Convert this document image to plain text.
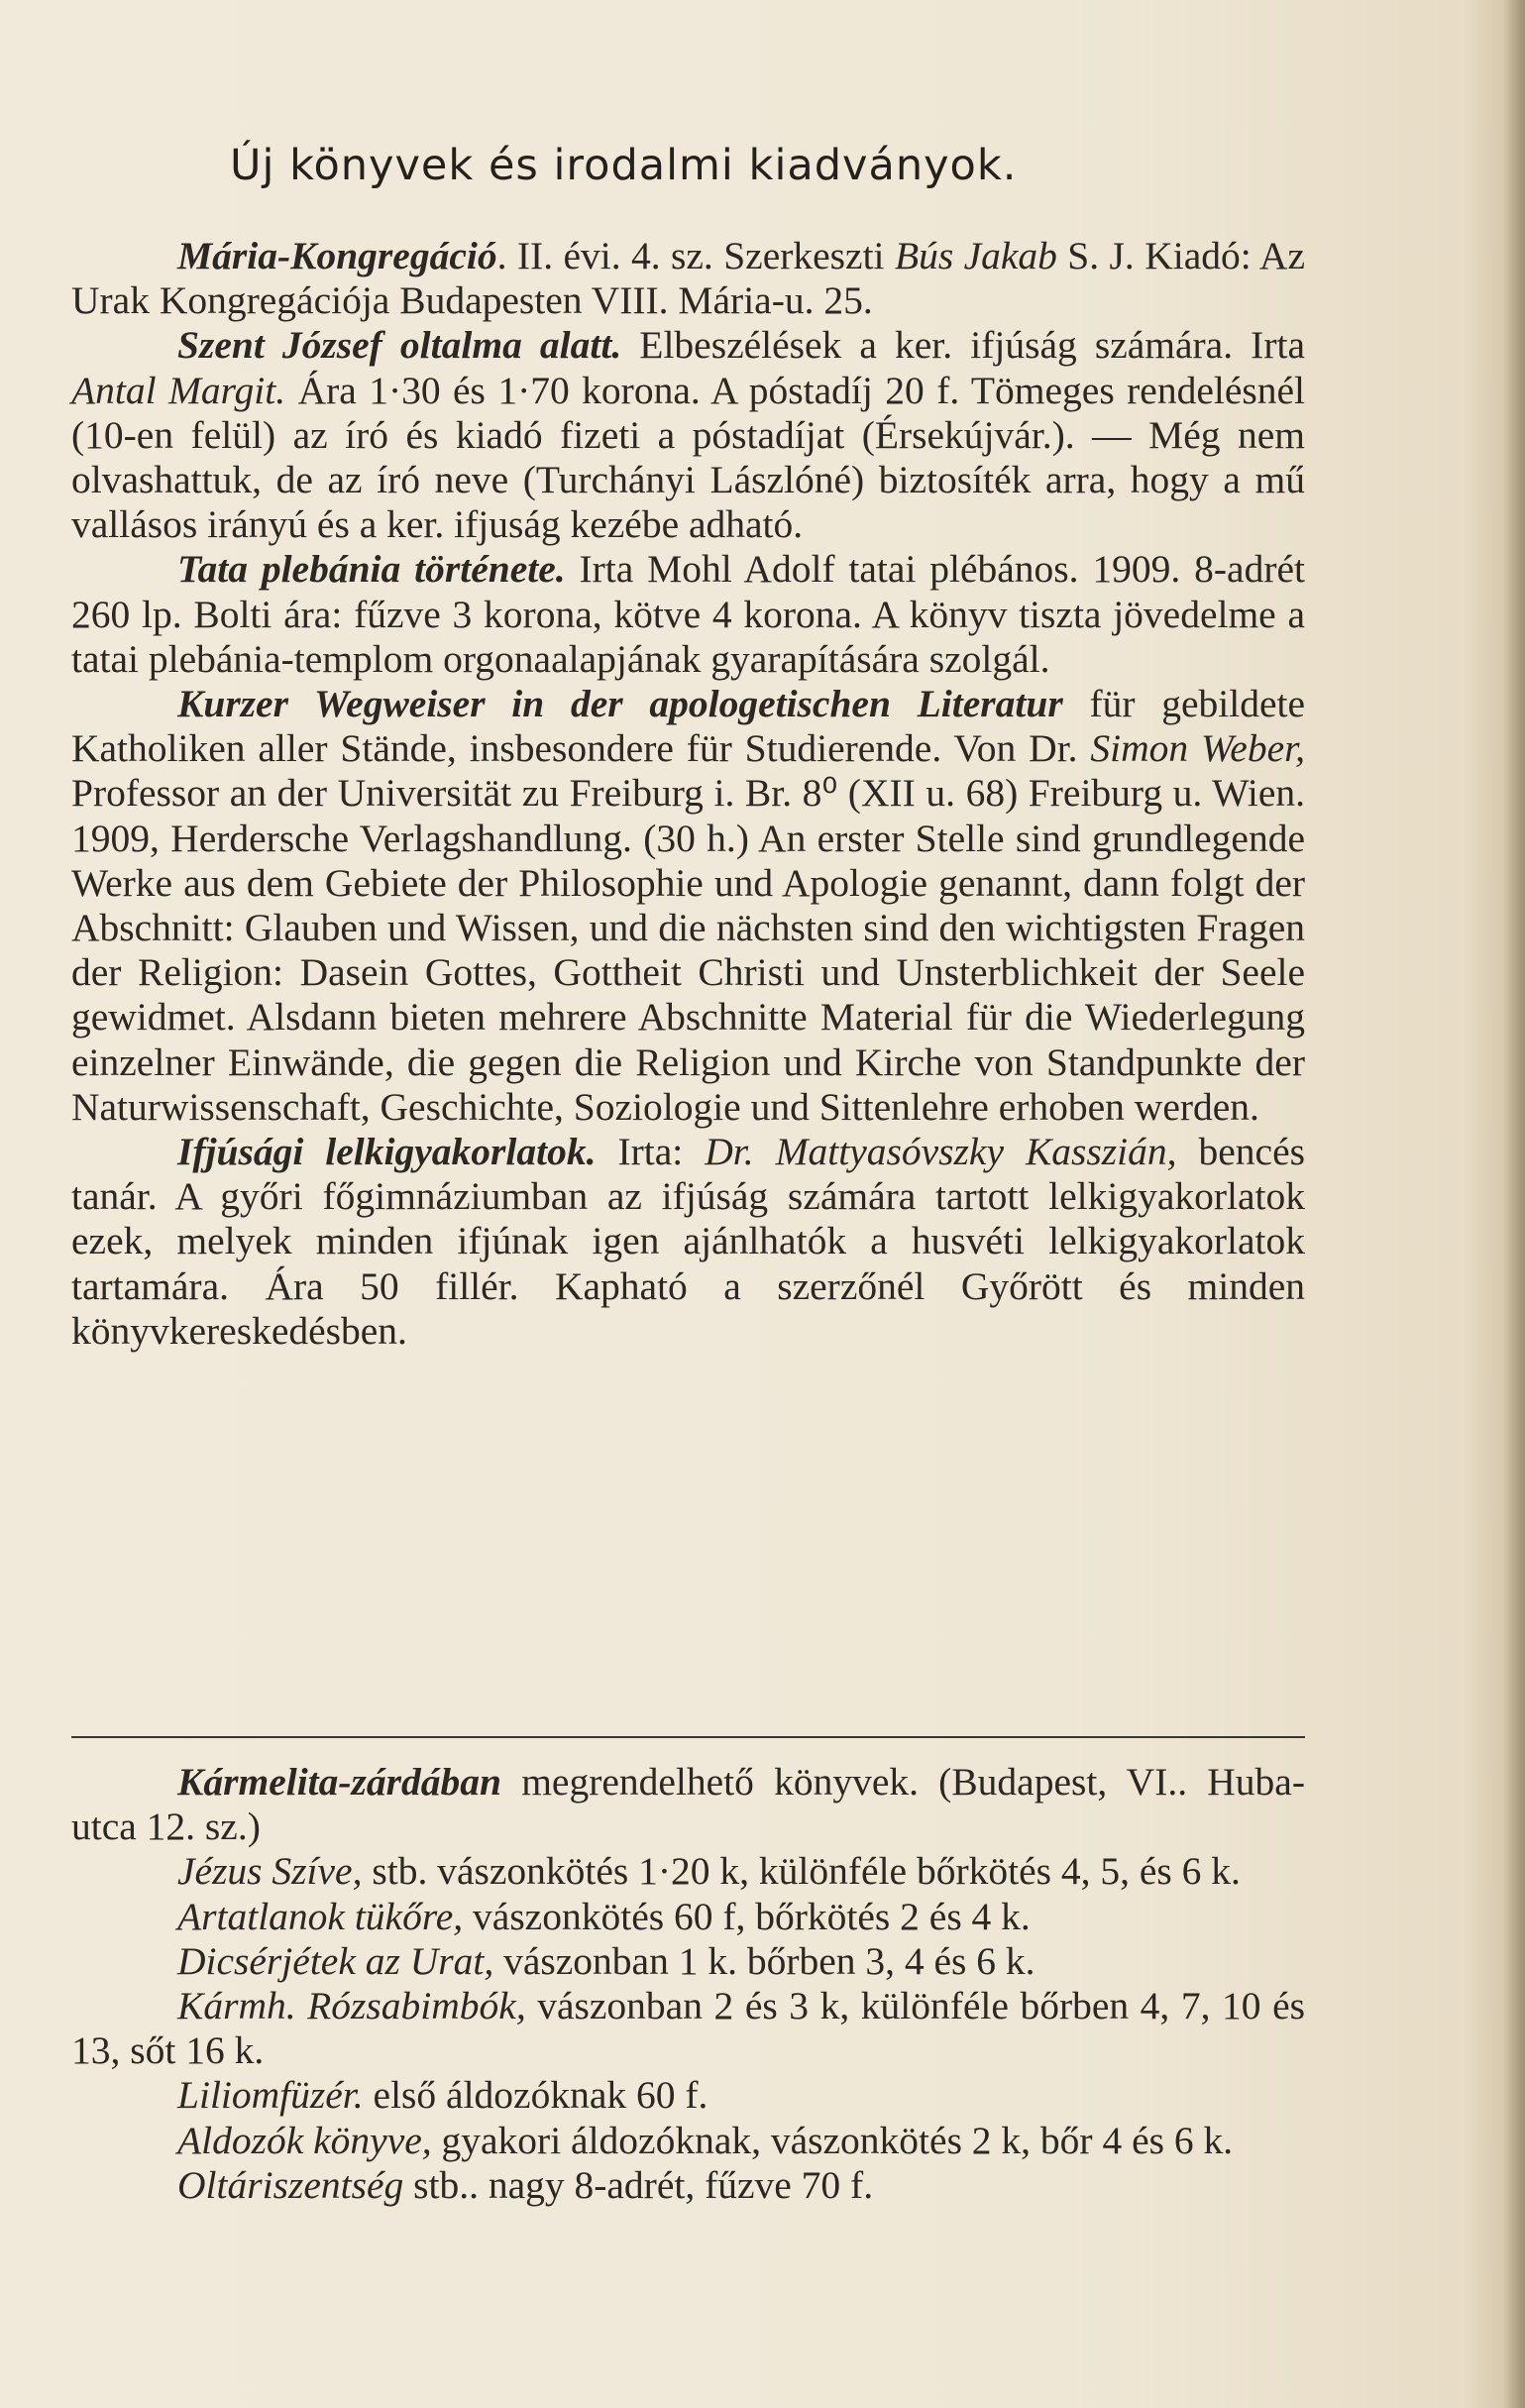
Új könyvek és irodalmi kiadványok.

Mária-Kongregáció. II. évi. 4. sz. Szerkeszti Bús Jakab S. J. Kiadó: Az Urak Kongregációja Budapesten VIII. Mária-u. 25.

Szent József oltalma alatt. Elbeszélések a ker. ifjúság számára. Irta Antal Margit. Ára 1·30 és 1·70 korona. A póstadíj 20 f. Tömeges rendelésnél (10-en felül) az író és kiadó fizeti a póstadíjat (Érsekújvár.). — Még nem olvashattuk, de az író neve (Turchányi Lászlóné) biztosíték arra, hogy a mű vallásos irányú és a ker. ifjuság kezébe adható.

Tata plebánia története. Irta Mohl Adolf tatai plébános. 1909. 8-adrét 260 lp. Bolti ára: fűzve 3 korona, kötve 4 korona. A könyv tiszta jövedelme a tatai plebánia-templom orgonaalapjának gyarapítására szolgál.

Kurzer Wegweiser in der apologetischen Literatur für gebildete Katholiken aller Stände, insbesondere für Studierende. Von Dr. Simon Weber, Professor an der Universität zu Freiburg i. Br. 8⁰ (XII u. 68) Freiburg u. Wien. 1909, Herdersche Verlagshandlung. (30 h.) An erster Stelle sind grundlegende Werke aus dem Gebiete der Philosophie und Apologie genannt, dann folgt der Abschnitt: Glauben und Wissen, und die nächsten sind den wichtigsten Fragen der Religion: Dasein Gottes, Gottheit Christi und Unsterblichkeit der Seele gewidmet. Alsdann bieten mehrere Abschnitte Material für die Wiederlegung einzelner Einwände, die gegen die Religion und Kirche von Standpunkte der Naturwissenschaft, Geschichte, Soziologie und Sittenlehre erhoben werden.

Ifjúsági lelkigyakorlatok. Irta: Dr. Mattyasóvszky Kasszián, bencés tanár. A győri főgimnáziumban az ifjúság számára tartott lelkigyakorlatok ezek, melyek minden ifjúnak igen ajánlhatók a husvéti lelkigyakorlatok tartamára. Ára 50 fillér. Kapható a szerzőnél Győrött és minden könyvkereskedésben.

Kármelita-zárdában megrendelhető könyvek. (Budapest, VI.. Huba-utca 12. sz.)

Jézus Szíve, stb. vászonkötés 1·20 k, különféle bőrkötés 4, 5, és 6 k.

Artatlanok tükőre, vászonkötés 60 f, bőrkötés 2 és 4 k.

Dicsérjétek az Urat, vászonban 1 k. bőrben 3, 4 és 6 k.

Kármh. Rózsabimbók, vászonban 2 és 3 k, különféle bőrben 4, 7, 10 és 13, sőt 16 k.

Liliomfüzér. első áldozóknak 60 f.

Aldozók könyve, gyakori áldozóknak, vászonkötés 2 k, bőr 4 és 6 k.

Oltáriszentség stb.. nagy 8-adrét, fűzve 70 f.
